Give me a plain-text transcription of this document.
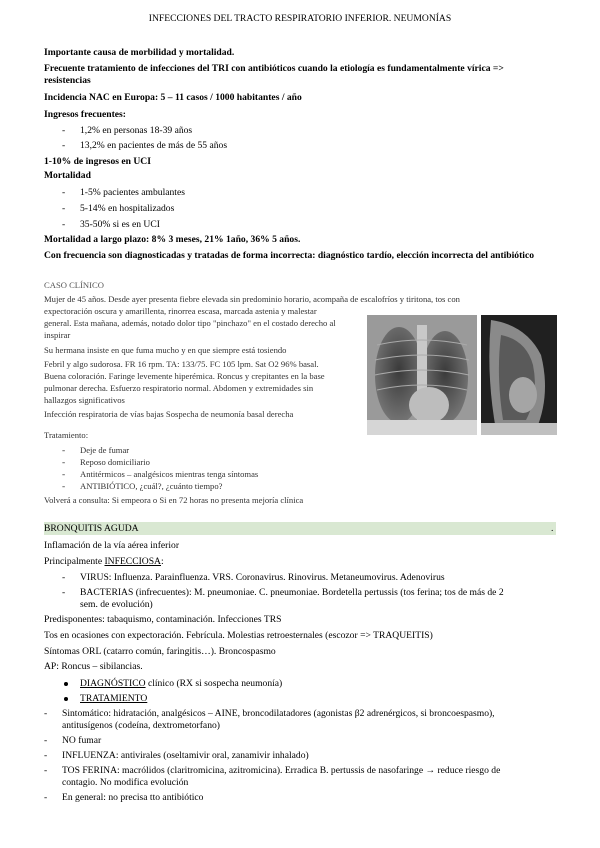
INFECCIONES DEL TRACTO RESPIRATORIO INFERIOR. NEUMONÍAS
Importante causa de morbilidad y mortalidad.
Frecuente tratamiento de infecciones del TRI con antibióticos cuando la etiología es fundamentalmente vírica =>
resistencias
Incidencia NAC en Europa: 5 – 11 casos / 1000 habitantes / año
Ingresos frecuentes:
- 1,2% en personas 18-39 años
- 13,2% en pacientes de más de 55 años
1-10% de ingresos en UCI
Mortalidad
- 1-5% pacientes ambulantes
- 5-14% en hospitalizados
- 35-50% si es en UCI
Mortalidad a largo plazo: 8% 3 meses, 21% 1año, 36% 5 años.
Con frecuencia son diagnosticadas y tratadas de forma incorrecta: diagnóstico tardío, elección incorrecta del antibiótico
CASO CLÍNICO
Mujer de 45 años. Desde ayer presenta fiebre elevada sin predominio horario, acompaña de escalofríos y tiritona, tos con
expectoración oscura y amarillenta, rinorrea escasa, marcada astenia y malestar
general. Esta mañana, además, notado dolor tipo "pinchazo" en el costado derecho al
inspirar
Su hermana insiste en que fuma mucho y en que siempre está tosiendo
Febril y algo sudorosa. FR 16 rpm. TA: 133/75. FC 105 lpm. Sat O2 96% basal.
Buena coloración. Faringe levemente hiperémica. Roncus y crepitantes en la base
pulmonar derecha. Esfuerzo respiratorio normal. Abdomen y extremidades sin
hallazgos significativos
Infección respiratoria de vías bajas Sospecha de neumonía basal derecha
Tratamiento:
- Deje de fumar
- Reposo domiciliario
- Antitérmicos – analgésicos mientras tenga síntomas
- ANTIBIÓTICO, ¿cuál?, ¿cuánto tiempo?
Volverá a consulta: Si empeora o Si en 72 horas no presenta mejoría clínica
BRONQUITIS AGUDA	.
Inflamación de la vía aérea inferior
Principalmente INFECCIOSA:
- VIRUS: Influenza. Parainfluenza. VRS. Coronavirus. Rinovirus. Metaneumovirus. Adenovirus
- BACTERIAS (infrecuentes): M. pneumoniae. C. pneumoniae. Bordetella pertussis (tos ferina; tos de más de 2
sem. de evolución)
Predisponentes: tabaquismo, contaminación. Infecciones TRS
Tos en ocasiones con expectoración. Febrícula. Molestias retroesternales (escozor => TRAQUEITIS)
Síntomas ORL (catarro común, faringitis…). Broncospasmo
AP: Roncus – sibilancias.
DIAGNÓSTICO clínico (RX si sospecha neumonía)
TRATAMIENTO
- Sintomático: hidratación, analgésicos – AINE, broncodilatadores (agonistas β2 adrenérgicos, si broncoespasmo),
antitusígenos (codeína, dextrometorfano)
- NO fumar
- INFLUENZA: antivirales (oseltamivir oral, zanamivir inhalado)
- TOS FERINA: macrólidos (claritromicina, azitromicina). Erradica B. pertussis de nasofaringe → reduce riesgo de
contagio. No modifica evolución
- En general: no precisa tto antibiótico
